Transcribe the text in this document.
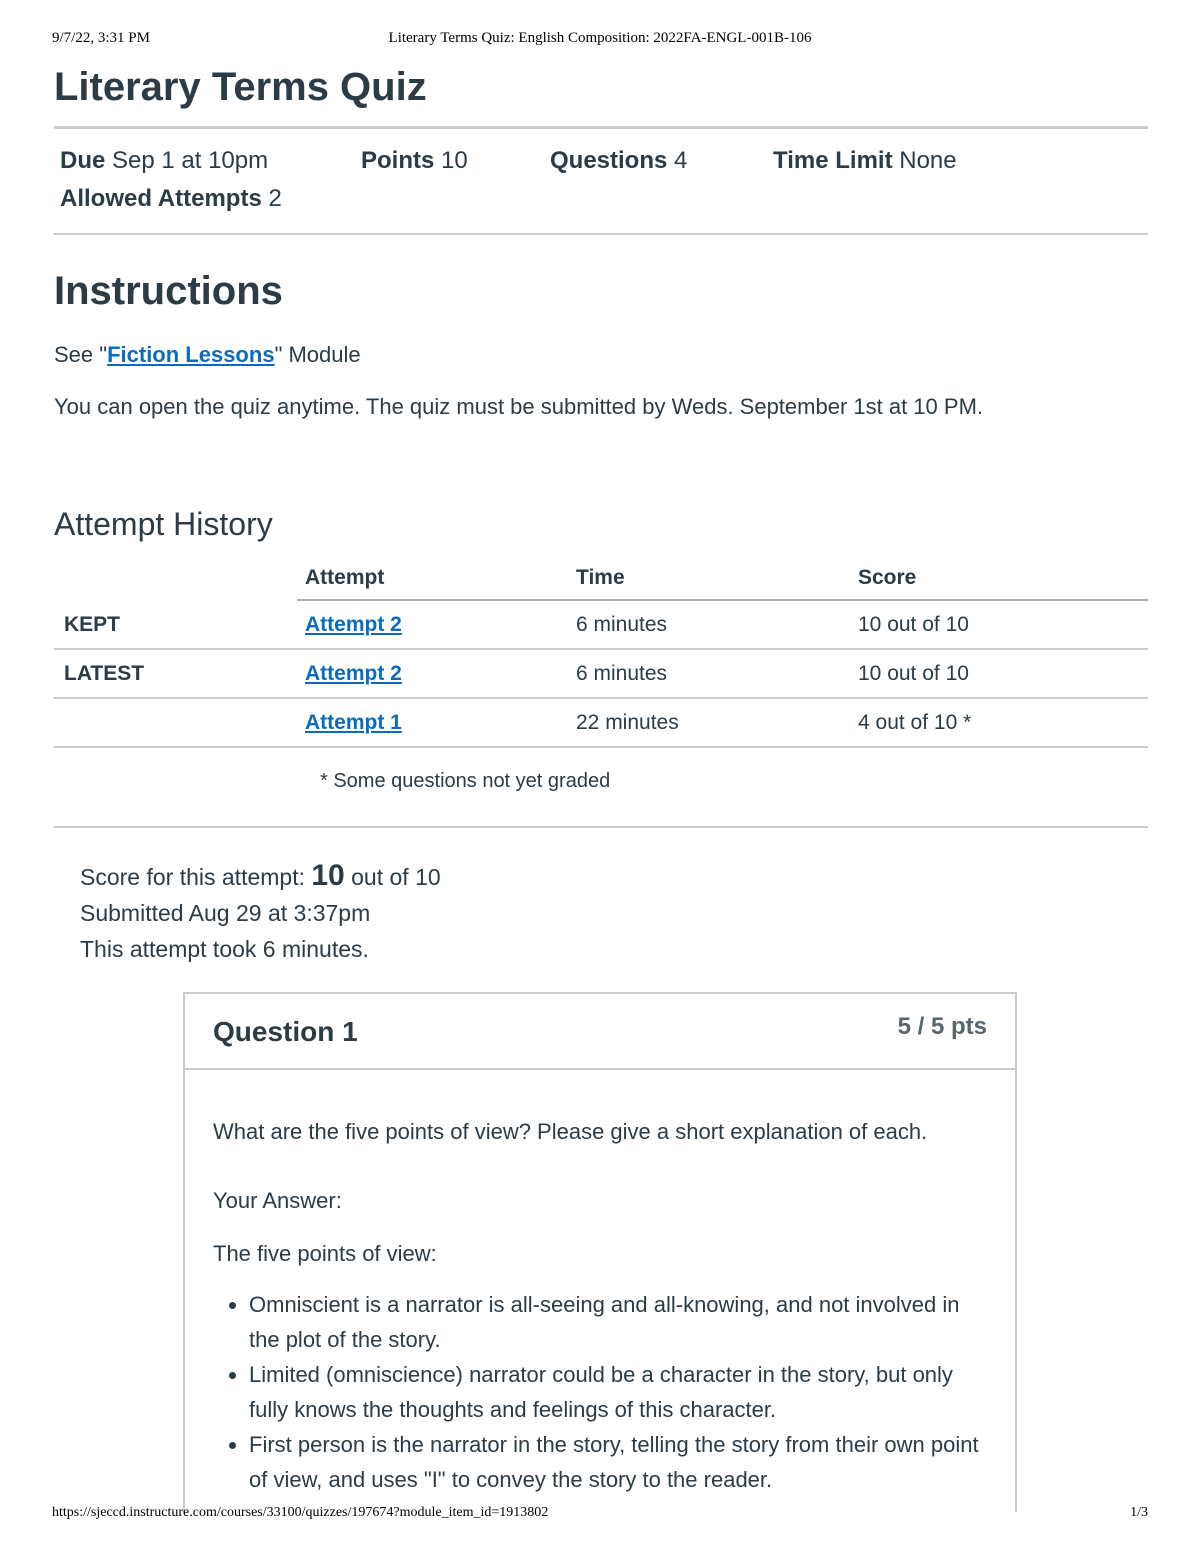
9/7/22, 3:31 PM	Literary Terms Quiz: English Composition: 2022FA-ENGL-001B-106
Literary Terms Quiz
Due Sep 1 at 10pm	Points 10	Questions 4	Time Limit None
Allowed Attempts 2
Instructions

See "Fiction Lessons" Module

You can open the quiz anytime. The quiz must be submitted by Weds. September 1st at 10 PM.

Attempt History
	Attempt	Time	Score
KEPT	Attempt 2	6 minutes	10 out of 10
LATEST	Attempt 2	6 minutes	10 out of 10
	Attempt 1	22 minutes	4 out of 10 *
* Some questions not yet graded
Score for this attempt: 10 out of 10
Submitted Aug 29 at 3:37pm
This attempt took 6 minutes.
Question 1	5 / 5 pts

What are the five points of view? Please give a short explanation of each.

Your Answer:

The five points of view:

• Omniscient is a narrator is all-seeing and all-knowing, and not involved in the plot of the story.
• Limited (omniscience) narrator could be a character in the story, but only fully knows the thoughts and feelings of this character.
• First person is the narrator in the story, telling the story from their own point of view, and uses "I" to convey the story to the reader.
https://sjeccd.instructure.com/courses/33100/quizzes/197674?module_item_id=1913802	1/3
